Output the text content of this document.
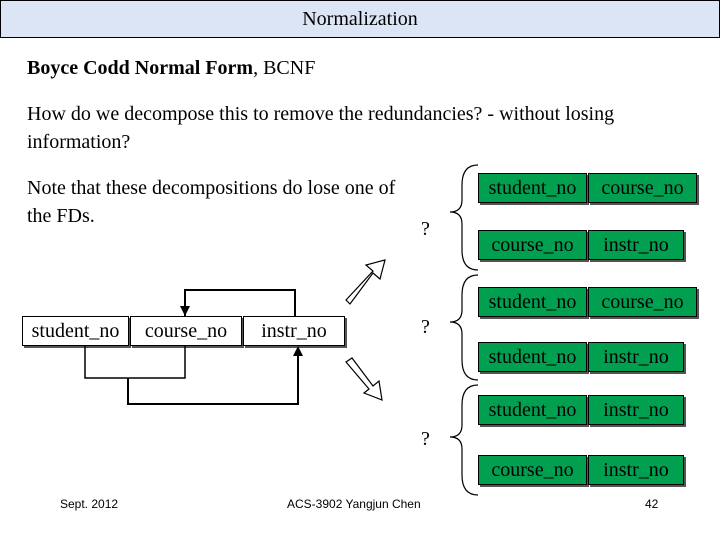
Normalization
Boyce Codd Normal Form, BCNF
How do we decompose this to remove the redundancies? - without losing information?
Note that these decompositions do lose one of the FDs.
student_no	course_no	instr_no
?
?
?
student_no	course_no
course_no	instr_no
student_no	course_no
student_no	instr_no
student_no	instr_no
course_no	instr_no
Sept. 2012	ACS-3902 Yangjun Chen	42
